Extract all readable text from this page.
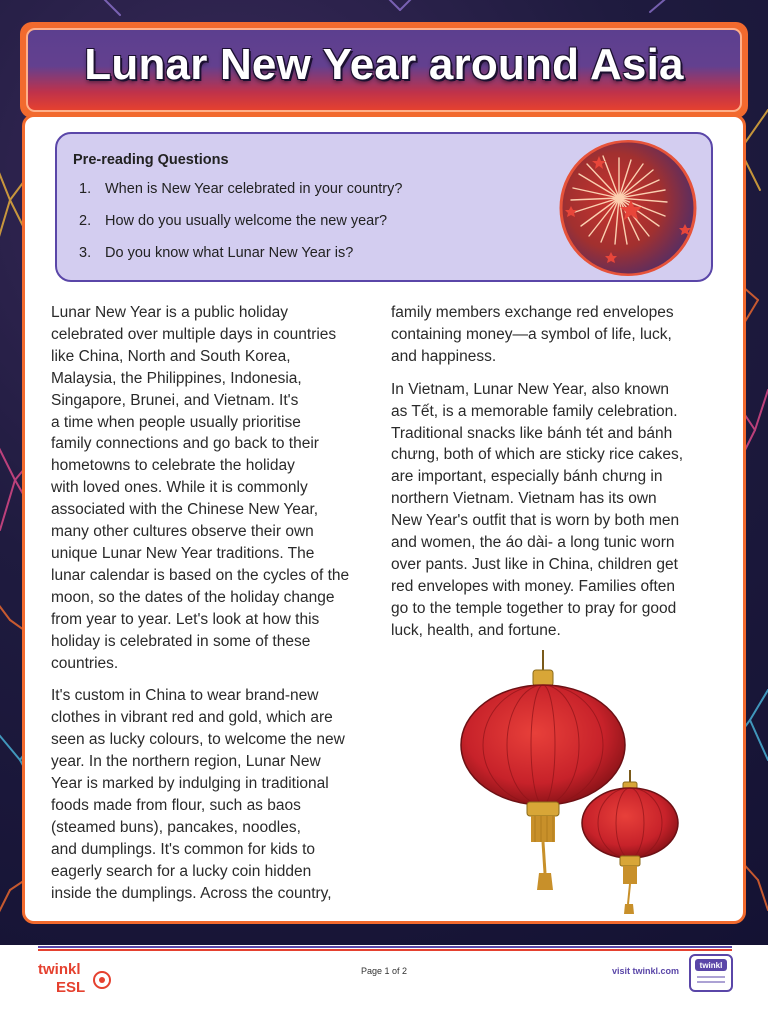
Lunar New Year around Asia
Pre-reading Questions
1. When is New Year celebrated in your country?
2. How do you usually welcome the new year?
3. Do you know what Lunar New Year is?

Lunar New Year is a public holiday
celebrated over multiple days in countries
like China, North and South Korea,
Malaysia, the Philippines, Indonesia,
Singapore, Brunei, and Vietnam. It's
a time when people usually prioritise
family connections and go back to their
hometowns to celebrate the holiday
with loved ones. While it is commonly
associated with the Chinese New Year,
many other cultures observe their own
unique Lunar New Year traditions. The
lunar calendar is based on the cycles of the
moon, so the dates of the holiday change
from year to year. Let's look at how this
holiday is celebrated in some of these
countries.

It's custom in China to wear brand-new
clothes in vibrant red and gold, which are
seen as lucky colours, to welcome the new
year. In the northern region, Lunar New
Year is marked by indulging in traditional
foods made from flour, such as baos
(steamed buns), pancakes, noodles,
and dumplings. It's common for kids to
eagerly search for a lucky coin hidden
inside the dumplings. Across the country,

family members exchange red envelopes
containing money—a symbol of life, luck,
and happiness.

In Vietnam, Lunar New Year, also known
as Tết, is a memorable family celebration.
Traditional snacks like bánh tét and bánh
chưng, both of which are sticky rice cakes,
are important, especially bánh chưng in
northern Vietnam. Vietnam has its own
New Year's outfit that is worn by both men
and women, the áo dài- a long tunic worn
over pants. Just like in China, children get
red envelopes with money. Families often
go to the temple together to pray for good
luck, health, and fortune.

twinkl
ESL
Page 1 of 2	visit twinkl.com
twinkl
